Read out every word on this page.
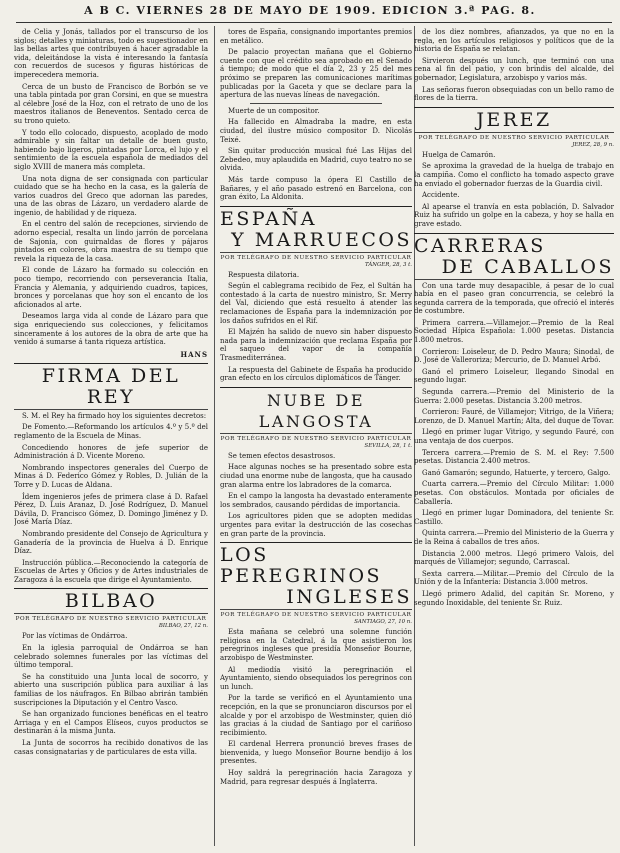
A B C. VIERNES 28 DE MAYO DE 1909. EDICION 3.ª PAG. 8.

de Celia y Jonás, tallados por el transcurso de los siglos; detalles y miniaturas, todo es sugestionador en las bellas artes que contribuyen á hacer agradable la vida, deleitándose la vista é interesando la fantasía con recuerdos de sucesos y figuras históricas de imperecedera memoria.

Cerca de un busto de Francisco de Borbón se ve una tabla pintada por gran Corsini, en que se muestra al célebre José de la Hoz, con el retrato de uno de los maestros italianos de Beneventos. Sentado cerca de su trono quieto.

Y todo ello colocado, dispuesto, acoplado de modo admirable y sin faltar un detalle de buen gusto, habiendo bajo ligeros, pintadas por Lorca, el lujo y el sentimiento de la escuela española de mediados del siglo XVIII de manera más completa.

Una nota digna de ser consignada con particular cuidado que se ha hecho en la casa, es la galería de varios cuadros del Greco que adornan las paredes, una de las obras de Lázaro, un verdadero alarde de ingenio, de habilidad y de riqueza.

En el centro del salón de recepciones, sirviendo de adorno especial, resalta un lindo jarrón de porcelana de Sajonia, con guirnaldas de flores y pájaros pintados en colores, obra maestra de su tiempo que revela la riqueza de la casa.

El conde de Lázaro ha formado su colección en poco tiempo, recorriendo con perseverancia Italia, Francia y Alemania, y adquiriendo cuadros, tapices, bronces y porcelanas que hoy son el encanto de los aficionados al arte.

Deseamos larga vida al conde de Lázaro para que siga enriqueciendo sus colecciones, y felicitamos sinceramente á los autores de la obra de arte que ha venido á sumarse á tanta riqueza artística.

HANS
FIRMA DEL REY

S. M. el Rey ha firmado hoy los siguientes decretos:

De Fomento.—Reformando los artículos 4.º y 5.º del reglamento de la Escuela de Minas.

Concediendo honores de jefe superior de Administración á D. Vicente Moreno.

Nombrando inspectores generales del Cuerpo de Minas á D. Federico Gómez y Robles, D. Julián de la Torre y D. Lucas de Aldana.

Ídem ingenieros jefes de primera clase á D. Rafael Pérez, D. Luis Aranaz, D. José Rodríguez, D. Manuel Dávila, D. Francisco Gómez, D. Domingo Jiménez y D. José María Díaz.

Nombrando presidente del Consejo de Agricultura y Ganadería de la provincia de Huelva á D. Enrique Díaz.

Instrucción pública.—Reconociendo la categoría de Escuelas de Artes y Oficios y de Artes industriales de Zaragoza á la escuela que dirige el Ayuntamiento.

BILBAO
POR TELÉGRAFO DE NUESTRO SERVICIO PARTICULAR
BILBAO, 27, 12 n.

Por las víctimas de Ondárroa.

En la iglesia parroquial de Ondárroa se han celebrado solemnes funerales por las víctimas del último temporal.

Se ha constituido una Junta local de socorro, y abierto una suscripción pública para auxiliar á las familias de los náufragos. En Bilbao abrirán también suscripciones la Diputación y el Centro Vasco.

Se han organizado funciones benéficas en el teatro Arriaga y en el Campos Elíseos, cuyos productos se destinarán á la misma Junta.

La Junta de socorros ha recibido donativos de las casas consignatarias y de particulares de esta villa.

tores de España, consignando importantes premios en metálico.

De palacio proyectan mañana que el Gobierno cuente con que el crédito sea aprobado en el Senado á tiempo; de modo que el día 2, 23 y 25 del mes próximo se preparen las comunicaciones marítimas publicadas por la Gaceta y que se declare para la apertura de las nuevas líneas de navegación.

Muerte de un compositor.

Ha fallecido en Almadraba la madre, en esta ciudad, del ilustre músico compositor D. Nicolás Teixé.

Sin quitar producción musical fué Las Hijas del Zebedeo, muy aplaudida en Madrid, cuyo teatro no se olvida.

Más tarde compuso la ópera El Castillo de Bañares, y el año pasado estrenó en Barcelona, con gran éxito, La Aldonita.

ESPAÑA
Y MARRUECOS
POR TELÉGRAFO DE NUESTRO SERVICIO PARTICULAR
TÁNGER, 28, 3 t.

Respuesta dilatoria.

Según el cablegrama recibido de Fez, el Sultán ha contestado á la carta de nuestro ministro, Sr. Merry del Val, diciendo que está resuelto á atender las reclamaciones de España para la indemnización por los daños sufridos en el Rif.

El Majzén ha salido de nuevo sin haber dispuesto nada para la indemnización que reclama España por el saqueo del vapor de la compañía Trasmediterránea.

La respuesta del Gabinete de España ha producido gran efecto en los círculos diplomáticos de Tánger.

NUBE DE LANGOSTA
POR TELÉGRAFO DE NUESTRO SERVICIO PARTICULAR
SEVILLA, 28, 1 t.

Se temen efectos desastrosos.

Hace algunas noches se ha presentado sobre esta ciudad una enorme nube de langosta, que ha causado gran alarma entre los labradores de la comarca.

En el campo la langosta ha devastado enteramente los sembrados, causando pérdidas de importancia.

Los agricultores piden que se adopten medidas urgentes para evitar la destrucción de las cosechas en gran parte de la provincia.

LOS PEREGRINOS
INGLESES
POR TELÉGRAFO DE NUESTRO SERVICIO PARTICULAR
SANTIAGO, 27, 10 n.

Esta mañana se celebró una solemne función religiosa en la Catedral, á la que asistieron los peregrinos ingleses que presidía Monseñor Bourne, arzobispo de Westminster.

Al mediodía visitó la peregrinación el Ayuntamiento, siendo obsequiados los peregrinos con un lunch.

Por la tarde se verificó en el Ayuntamiento una recepción, en la que se pronunciaron discursos por el alcalde y por el arzobispo de Westminster, quien dió las gracias á la ciudad de Santiago por el cariñoso recibimiento.

El cardenal Herrera pronunció breves frases de bienvenida, y luego Monseñor Bourne bendijo á los presentes.

Hoy saldrá la peregrinación hacia Zaragoza y Madrid, para regresar después á Inglaterra.

de los diez nombres, afianzados, ya que no en la regla, en los artículos religiosos y políticos que de la historia de España se relatan.

Sirvieron después un lunch, que terminó con una cena al fin del patio, y con brindis del alcalde, del gobernador, Legislatura, arzobispo y varios más.

Las señoras fueron obsequiadas con un bello ramo de flores de la tierra.

JEREZ
POR TELÉGRAFO DE NUESTRO SERVICIO PARTICULAR
JEREZ, 28, 9 n.

Huelga de Camarón.

Se aproxima la gravedad de la huelga de trabajo en la campiña. Como el conflicto ha tomado aspecto grave ha enviado el gobernador fuerzas de la Guardia civil.

Accidente.

Al apearse el tranvía en esta población, D. Salvador Ruiz ha sufrido un golpe en la cabeza, y hoy se halla en grave estado.

CARRERAS
DE CABALLOS

Con una tarde muy desapacible, á pesar de lo cual había en el paseo gran concurrencia, se celebró la segunda carrera de la temporada, que ofreció el interés de costumbre.

Primera carrera.—Villamejor.—Premio de la Real Sociedad Hípica Española: 1.000 pesetas. Distancia 1.800 metros.

Corrieron: Loiseleur, de D. Pedro Maura; Sinodal, de D. José de Valleroriza; Mercurio, de D. Manuel Arbó.

Ganó el primero Loiseleur, llegando Sinodal en segundo lugar.

Segunda carrera.—Premio del Ministerio de la Guerra: 2.000 pesetas. Distancia 3.200 metros.

Corrieron: Fauré, de Villamejor; Vitrigo, de la Viñera; Lorenzo, de D. Manuel Martín; Alta, del duque de Tovar.

Llegó en primer lugar Vitrigo, y segundo Fauré, con una ventaja de dos cuerpos.

Tercera carrera.—Premio de S. M. el Rey: 7.500 pesetas. Distancia 2.400 metros.

Ganó Gamarón; segundo, Hatuerte, y tercero, Galgo.

Cuarta carrera.—Premio del Círculo Militar: 1.000 pesetas. Con obstáculos. Montada por oficiales de Caballería.

Llegó en primer lugar Dominadora, del teniente Sr. Castillo.

Quinta carrera.—Premio del Ministerio de la Guerra y de la Reina á caballos de tres años.

Distancia 2.000 metros. Llegó primero Valois, del marqués de Villamejor; segundo, Carrascal.

Sexta carrera.—Militar.—Premio del Círculo de la Unión y de la Infantería: Distancia 3.000 metros.

Llegó primero Adalid, del capitán Sr. Moreno, y segundo Inoxidable, del teniente Sr. Ruiz.
